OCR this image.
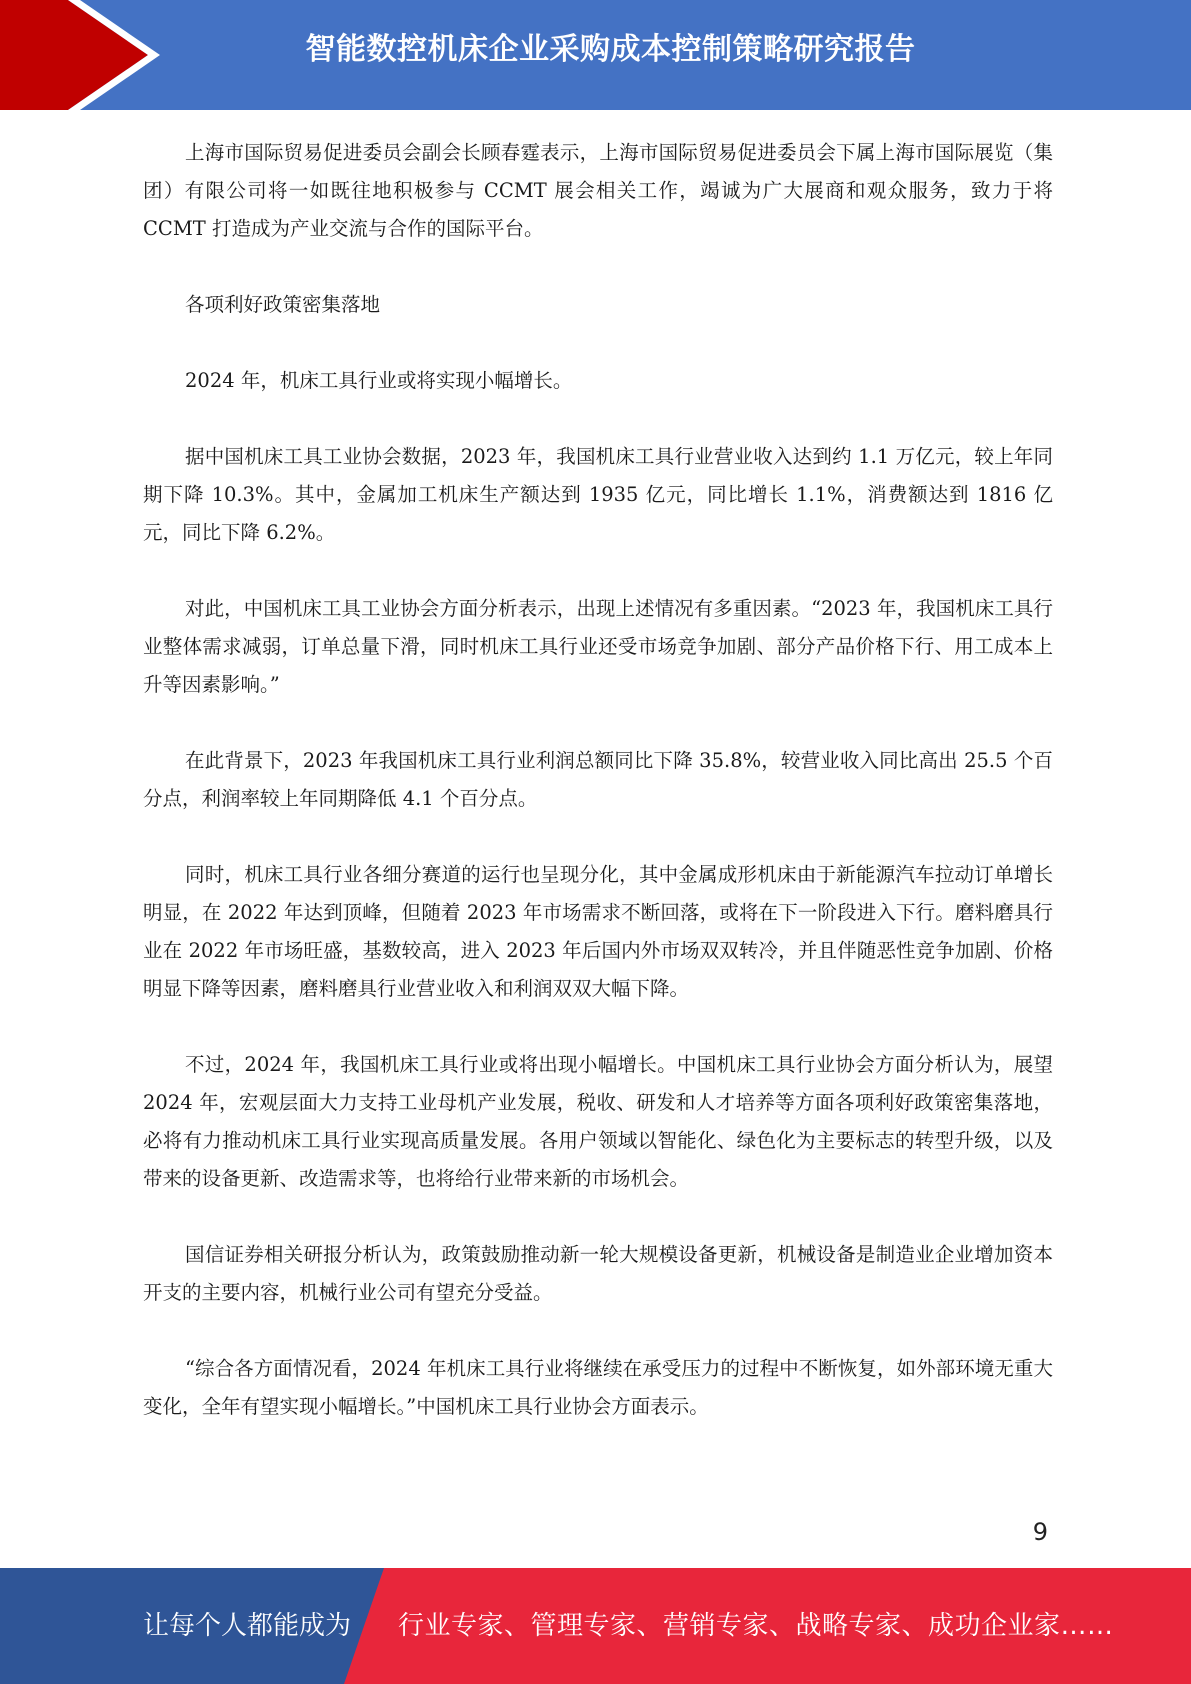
智能数控机床企业采购成本控制策略研究报告

上海市国际贸易促进委员会副会长顾春霆表示，上海市国际贸易促进委员会下属上海市国际展览（集团）有限公司将一如既往地积极参与 CCMT 展会相关工作，竭诚为广大展商和观众服务，致力于将 CCMT 打造成为产业交流与合作的国际平台。

各项利好政策密集落地

2024 年，机床工具行业或将实现小幅增长。

据中国机床工具工业协会数据，2023 年，我国机床工具行业营业收入达到约 1.1 万亿元，较上年同期下降 10.3%。其中，金属加工机床生产额达到 1935 亿元，同比增长 1.1%，消费额达到 1816 亿元，同比下降 6.2%。

对此，中国机床工具工业协会方面分析表示，出现上述情况有多重因素。“2023 年，我国机床工具行业整体需求减弱，订单总量下滑，同时机床工具行业还受市场竞争加剧、部分产品价格下行、用工成本上升等因素影响。”

在此背景下，2023 年我国机床工具行业利润总额同比下降 35.8%，较营业收入同比高出 25.5 个百分点，利润率较上年同期降低 4.1 个百分点。

同时，机床工具行业各细分赛道的运行也呈现分化，其中金属成形机床由于新能源汽车拉动订单增长明显，在 2022 年达到顶峰，但随着 2023 年市场需求不断回落，或将在下一阶段进入下行。磨料磨具行业在 2022 年市场旺盛，基数较高，进入 2023 年后国内外市场双双转冷，并且伴随恶性竞争加剧、价格明显下降等因素，磨料磨具行业营业收入和利润双双大幅下降。

不过，2024 年，我国机床工具行业或将出现小幅增长。中国机床工具行业协会方面分析认为，展望 2024 年，宏观层面大力支持工业母机产业发展，税收、研发和人才培养等方面各项利好政策密集落地，必将有力推动机床工具行业实现高质量发展。各用户领域以智能化、绿色化为主要标志的转型升级，以及带来的设备更新、改造需求等，也将给行业带来新的市场机会。

国信证券相关研报分析认为，政策鼓励推动新一轮大规模设备更新，机械设备是制造业企业增加资本开支的主要内容，机械行业公司有望充分受益。

“综合各方面情况看，2024 年机床工具行业将继续在承受压力的过程中不断恢复，如外部环境无重大变化，全年有望实现小幅增长。”中国机床工具行业协会方面表示。

9
让每个人都能成为 行业专家、管理专家、营销专家、战略专家、成功企业家……
